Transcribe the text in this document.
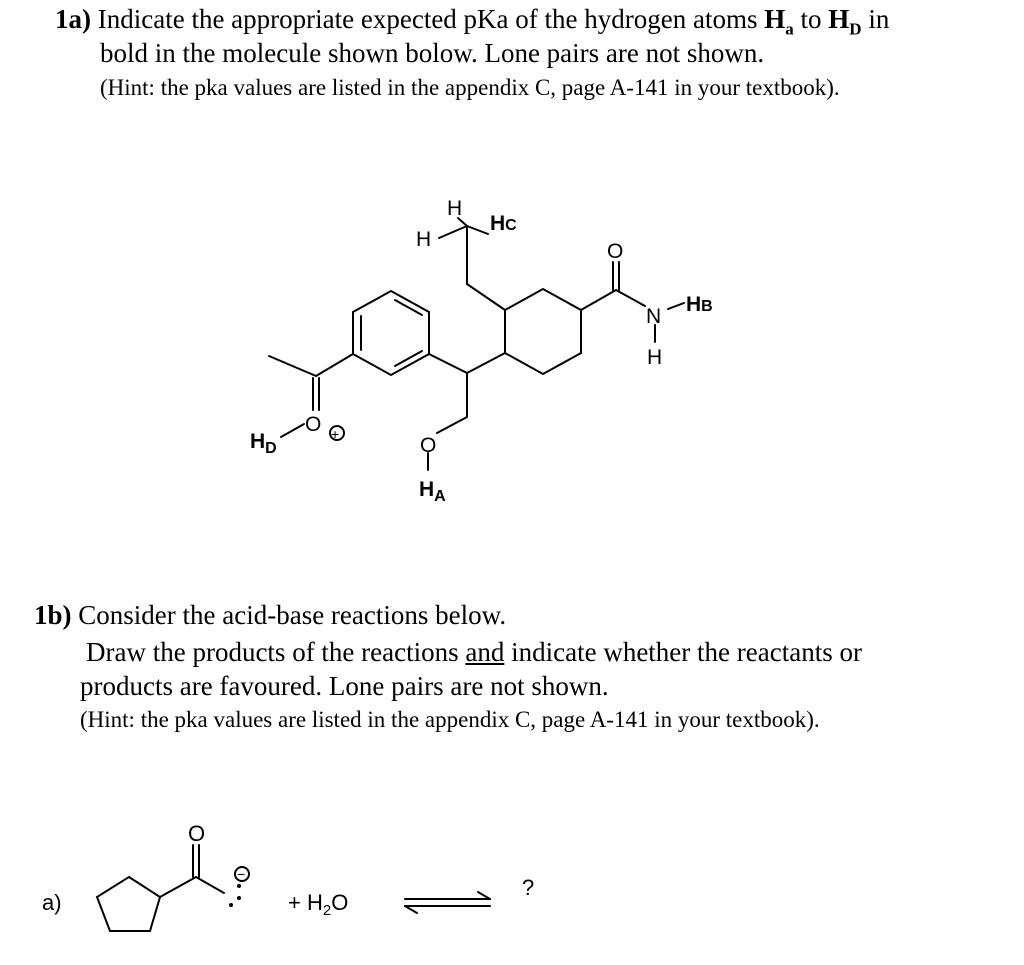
1a) Indicate the appropriate expected pKa of the hydrogen atoms $H_a$ to $H_D$ in
bold in the molecule shown bolow. Lone pairs are not shown.
(Hint: the pka values are listed in the appendix C, page A-141 in your textbook).
H
H
HC
O
N
HB
H
O +
$H_D$	O
$H_A$
1b) Consider the acid-base reactions below.
Draw the products of the reactions and indicate whether the reactants or
products are favoured. Lone pairs are not shown.
(Hint: the pka values are listed in the appendix C, page A-141 in your textbook).
a)
O
−
+ $H_2O$
?
